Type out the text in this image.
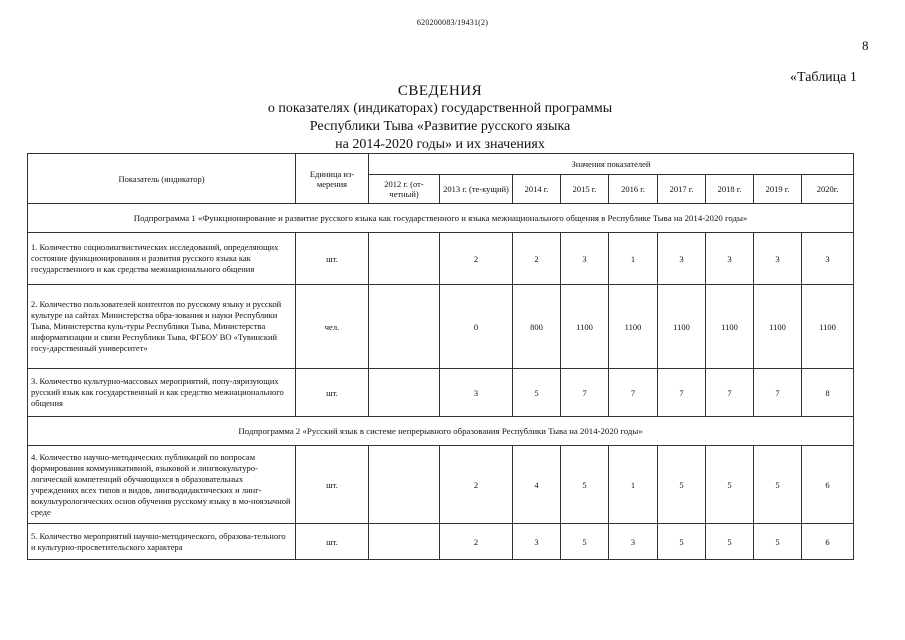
620200083/19431(2)
8
«Таблица 1
СВЕДЕНИЯ
о показателях (индикаторах) государственной программы
Республики Тыва «Развитие русского языка
на 2014-2020 годы» и их значениях
Показатель (индикатор)	Единица из-мерения	Значения показателей								
		2012 г. (от-четный)	2013 г. (те-кущий)	2014 г.	2015 г.	2016 г.	2017 г.	2018 г.	2019 г.	2020г.
Подпрограмма 1 «Функционирование и развитие русского языка как государственного и языка межнационального общения в Республике Тыва на 2014-2020 годы»										
1. Количество социолингвистических исследований, определяющих состояние функционирования и развития русского языка как государственного и как средства межнационального общения	шт.		2	2	3	1	3	3	3	3
2. Количество пользователей контентов по русскому языку и русской культуре на сайтах Министерства обра-зования и науки Республики Тыва, Министерства куль-туры Республики Тыва, Министерства информатизации и связи Республики Тыва, ФГБОУ ВО «Тувинский госу-дарственный университет»	чел.		0	800	1100	1100	1100	1100	1100	1100
3. Количество культурно-массовых мероприятий, попу-ляризующих русский язык как государственный и как средство межнационального общения	шт.		3	5	7	7	7	7	7	8
Подпрограмма 2 «Русский язык в системе непрерывного образования Республики Тыва на 2014-2020 годы»										
4. Количество научно-методических публикаций по вопросам формирования коммуникативной, языковой и лингвокультуро-логической компетенций обучающихся в образовательных учреждениях всех типов и видов, лингводидактических и линг-вокультурологических основ обучения русскому языку в мо-нояэычной среде	шт.		2	4	5	1	5	5	5	6
5. Количество мероприятий научно-методического, образова-тельного и культурно-просветительского характера	шт.		2	3	5	3	5	5	5	6
